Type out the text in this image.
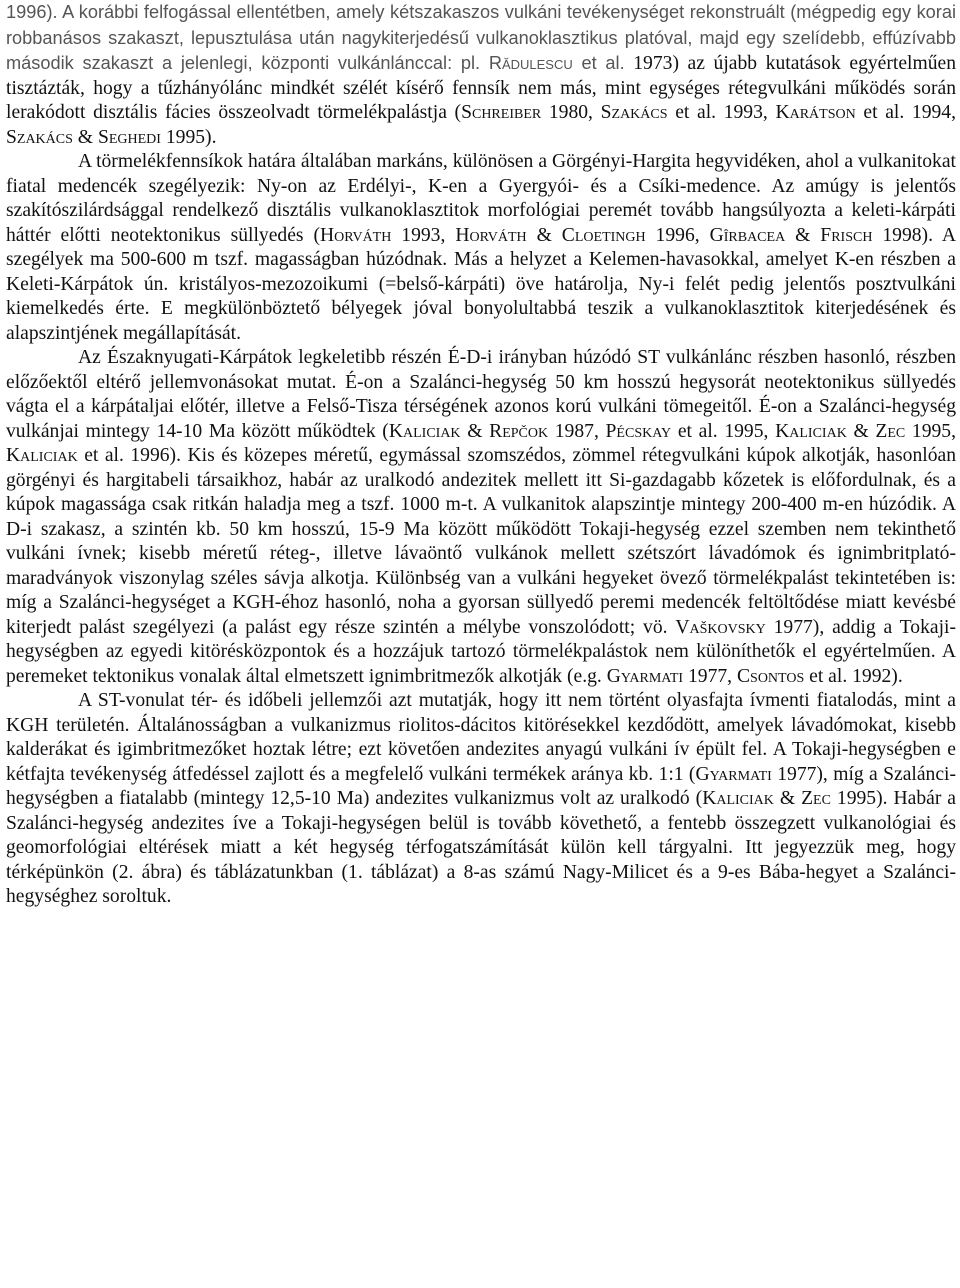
1996). A korábbi felfogással ellentétben, amely kétszakaszos vulkáni tevékenységet rekonstruált (mégpedig egy korai robbanásos szakaszt, lepusztulása után nagykiterjedésű vulkanoklasztikus platóval, majd egy szelídebb, effúzívabb második szakaszt a jelenlegi, központi vulkánlánccal: pl. Rădulescu et al. 1973) az újabb kutatások egyértelműen tisztázták, hogy a tűzhányólánc mindkét szélét kísérő fennsík nem más, mint egységes rétegvulkáni működés során lerakódott disztális fácies összeolvadt törmelékpalástja (Schreiber 1980, Szakács et al. 1993, Karátson et al. 1994, Szakács & Seghedi 1995).

A törmelékfennsíkok határa általában markáns, különösen a Görgényi-Hargita hegyvidéken, ahol a vulkanitokat fiatal medencék szegélyezik: Ny-on az Erdélyi-, K-en a Gyergyói- és a Csíki-medence. Az amúgy is jelentős szakítószilárdsággal rendelkező disztális vulkanoklasztitok morfológiai peremét tovább hangsúlyozta a keleti-kárpáti háttér előtti neotektonikus süllyedés (Horváth 1993, Horváth & Cloetingh 1996, Gîrbacea & Frisch 1998). A szegélyek ma 500-600 m tszf. magasságban húzódnak. Más a helyzet a Kelemen-havasokkal, amelyet K-en részben a Keleti-Kárpátok ún. kristályos-mezozoikumi (=belső-kárpáti) öve határolja, Ny-i felét pedig jelentős posztvulkáni kiemelkedés érte. E megkülönböztető bélyegek jóval bonyolultabbá teszik a vulkanoklasztitok kiterjedésének és alapszintjének megállapítását.

Az Északnyugati-Kárpátok legkeletibb részén É-D-i irányban húzódó ST vulkánlánc részben hasonló, részben előzőektől eltérő jellemvonásokat mutat. É-on a Szalánci-hegység 50 km hosszú hegysorát neotektonikus süllyedés vágta el a kárpátaljai előtér, illetve a Felső-Tisza térségének azonos korú vulkáni tömegeitől. É-on a Szalánci-hegység vulkánjai mintegy 14-10 Ma között működtek (Kaliciak & Repčok 1987, Pécskay et al. 1995, Kaliciak & Zec 1995, Kaliciak et al. 1996). Kis és közepes méretű, egymással szomszédos, zömmel rétegvulkáni kúpok alkotják, hasonlóan görgényi és hargitabeli társaikhoz, habár az uralkodó andezitek mellett itt Si-gazdagabb kőzetek is előfordulnak, és a kúpok magassága csak ritkán haladja meg a tszf. 1000 m-t. A vulkanitok alapszintje mintegy 200-400 m-en húzódik. A D-i szakasz, a szintén kb. 50 km hosszú, 15-9 Ma között működött Tokaji-hegység ezzel szemben nem tekinthető vulkáni ívnek; kisebb méretű réteg-, illetve lávaöntő vulkánok mellett szétszórt lávadómok és ignimbritplató-maradványok viszonylag széles sávja alkotja. Különbség van a vulkáni hegyeket övező törmelékpalást tekintetében is: míg a Szalánci-hegységet a KGH-éhoz hasonló, noha a gyorsan süllyedő peremi medencék feltöltődése miatt kevésbé kiterjedt palást szegélyezi (a palást egy része szintén a mélybe vonszolódott; vö. Vaškovsky 1977), addig a Tokaji-hegységben az egyedi kitörésközpontok és a hozzájuk tartozó törmelékpalástok nem különíthetők el egyértelműen. A peremeket tektonikus vonalak által elmetszett ignimbritmezők alkotják (e.g. Gyarmati 1977, Csontos et al. 1992).

A ST-vonulat tér- és időbeli jellemzői azt mutatják, hogy itt nem történt olyasfajta ívmenti fiatalodás, mint a KGH területén. Általánosságban a vulkanizmus riolitos-dácitos kitörésekkel kezdődött, amelyek lávadómokat, kisebb kalderákat és igimbritmezőket hoztak létre; ezt követően andezites anyagú vulkáni ív épült fel. A Tokaji-hegységben e kétfajta tevékenység átfedéssel zajlott és a megfelelő vulkáni termékek aránya kb. 1:1 (Gyarmati 1977), míg a Szalánci-hegységben a fiatalabb (mintegy 12,5-10 Ma) andezites vulkanizmus volt az uralkodó (Kaliciak & Zec 1995). Habár a Szalánci-hegység andezites íve a Tokaji-hegységen belül is tovább követhető, a fentebb összegzett vulkanológiai és geomorfológiai eltérések miatt a két hegység térfogatszámítását külön kell tárgyalni. Itt jegyezzük meg, hogy térképünkön (2. ábra) és táblázatunkban (1. táblázat) a 8-as számú Nagy-Milicet és a 9-es Bába-hegyet a Szalánci-hegységhez soroltuk.
